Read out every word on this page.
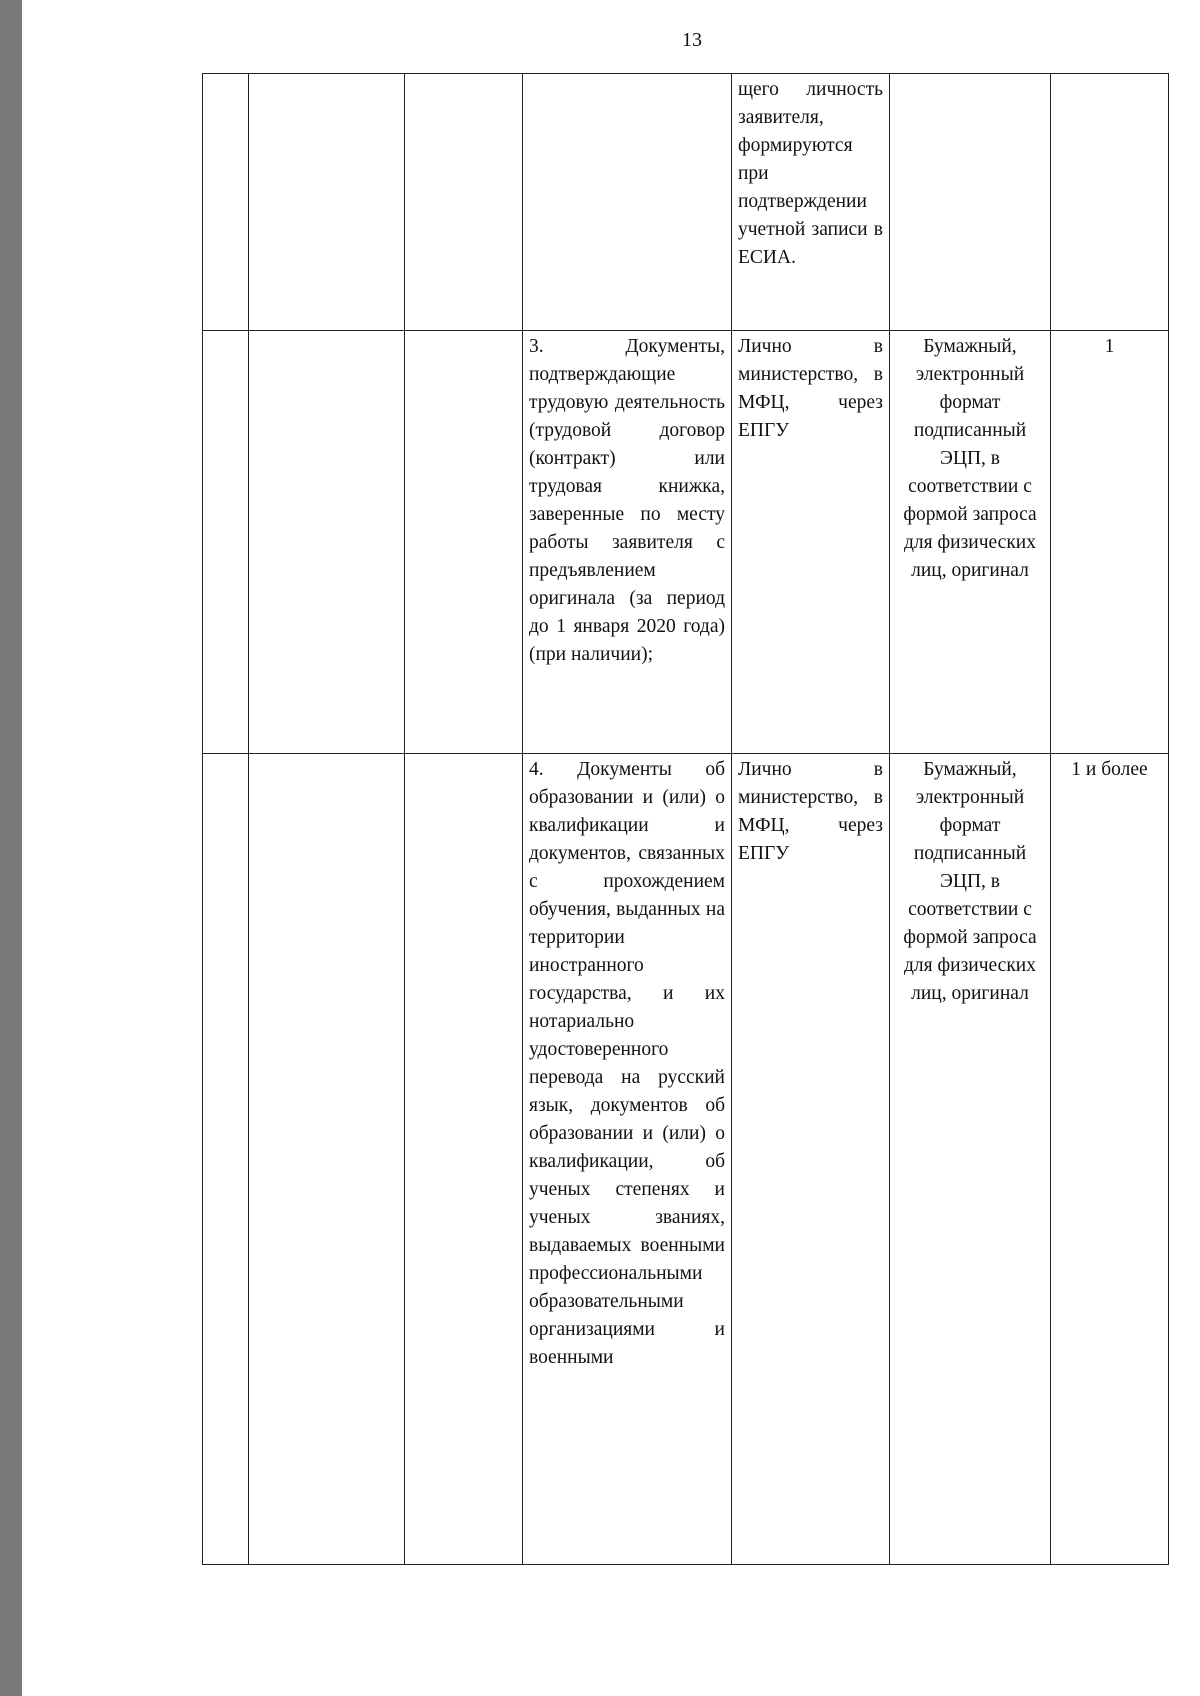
13
				щего личность заявителя, формируются при подтверждении учетной записи в ЕСИА.		
			3. Документы, подтверждающие трудовую деятельность (трудовой договор (контракт) или трудовая книжка, заверенные по месту работы заявителя с предъявлением оригинала (за период до 1 января 2020 года) (при наличии);	Лично в министерство, в МФЦ, через ЕПГУ	Бумажный, электронный формат подписанный ЭЦП, в соответствии с формой запроса для физических лиц, оригинал	1
			4. Документы об образовании и (или) о квалификации и документов, связанных с прохождением обучения, выданных на территории иностранного государства, и их нотариально удостоверенного перевода на русский язык, документов об образовании и (или) о квалификации, об ученых степенях и ученых званиях, выдаваемых военными профессиональными образовательными организациями и военными	Лично в министерство, в МФЦ, через ЕПГУ	Бумажный, электронный формат подписанный ЭЦП, в соответствии с формой запроса для физических лиц, оригинал	1 и более
